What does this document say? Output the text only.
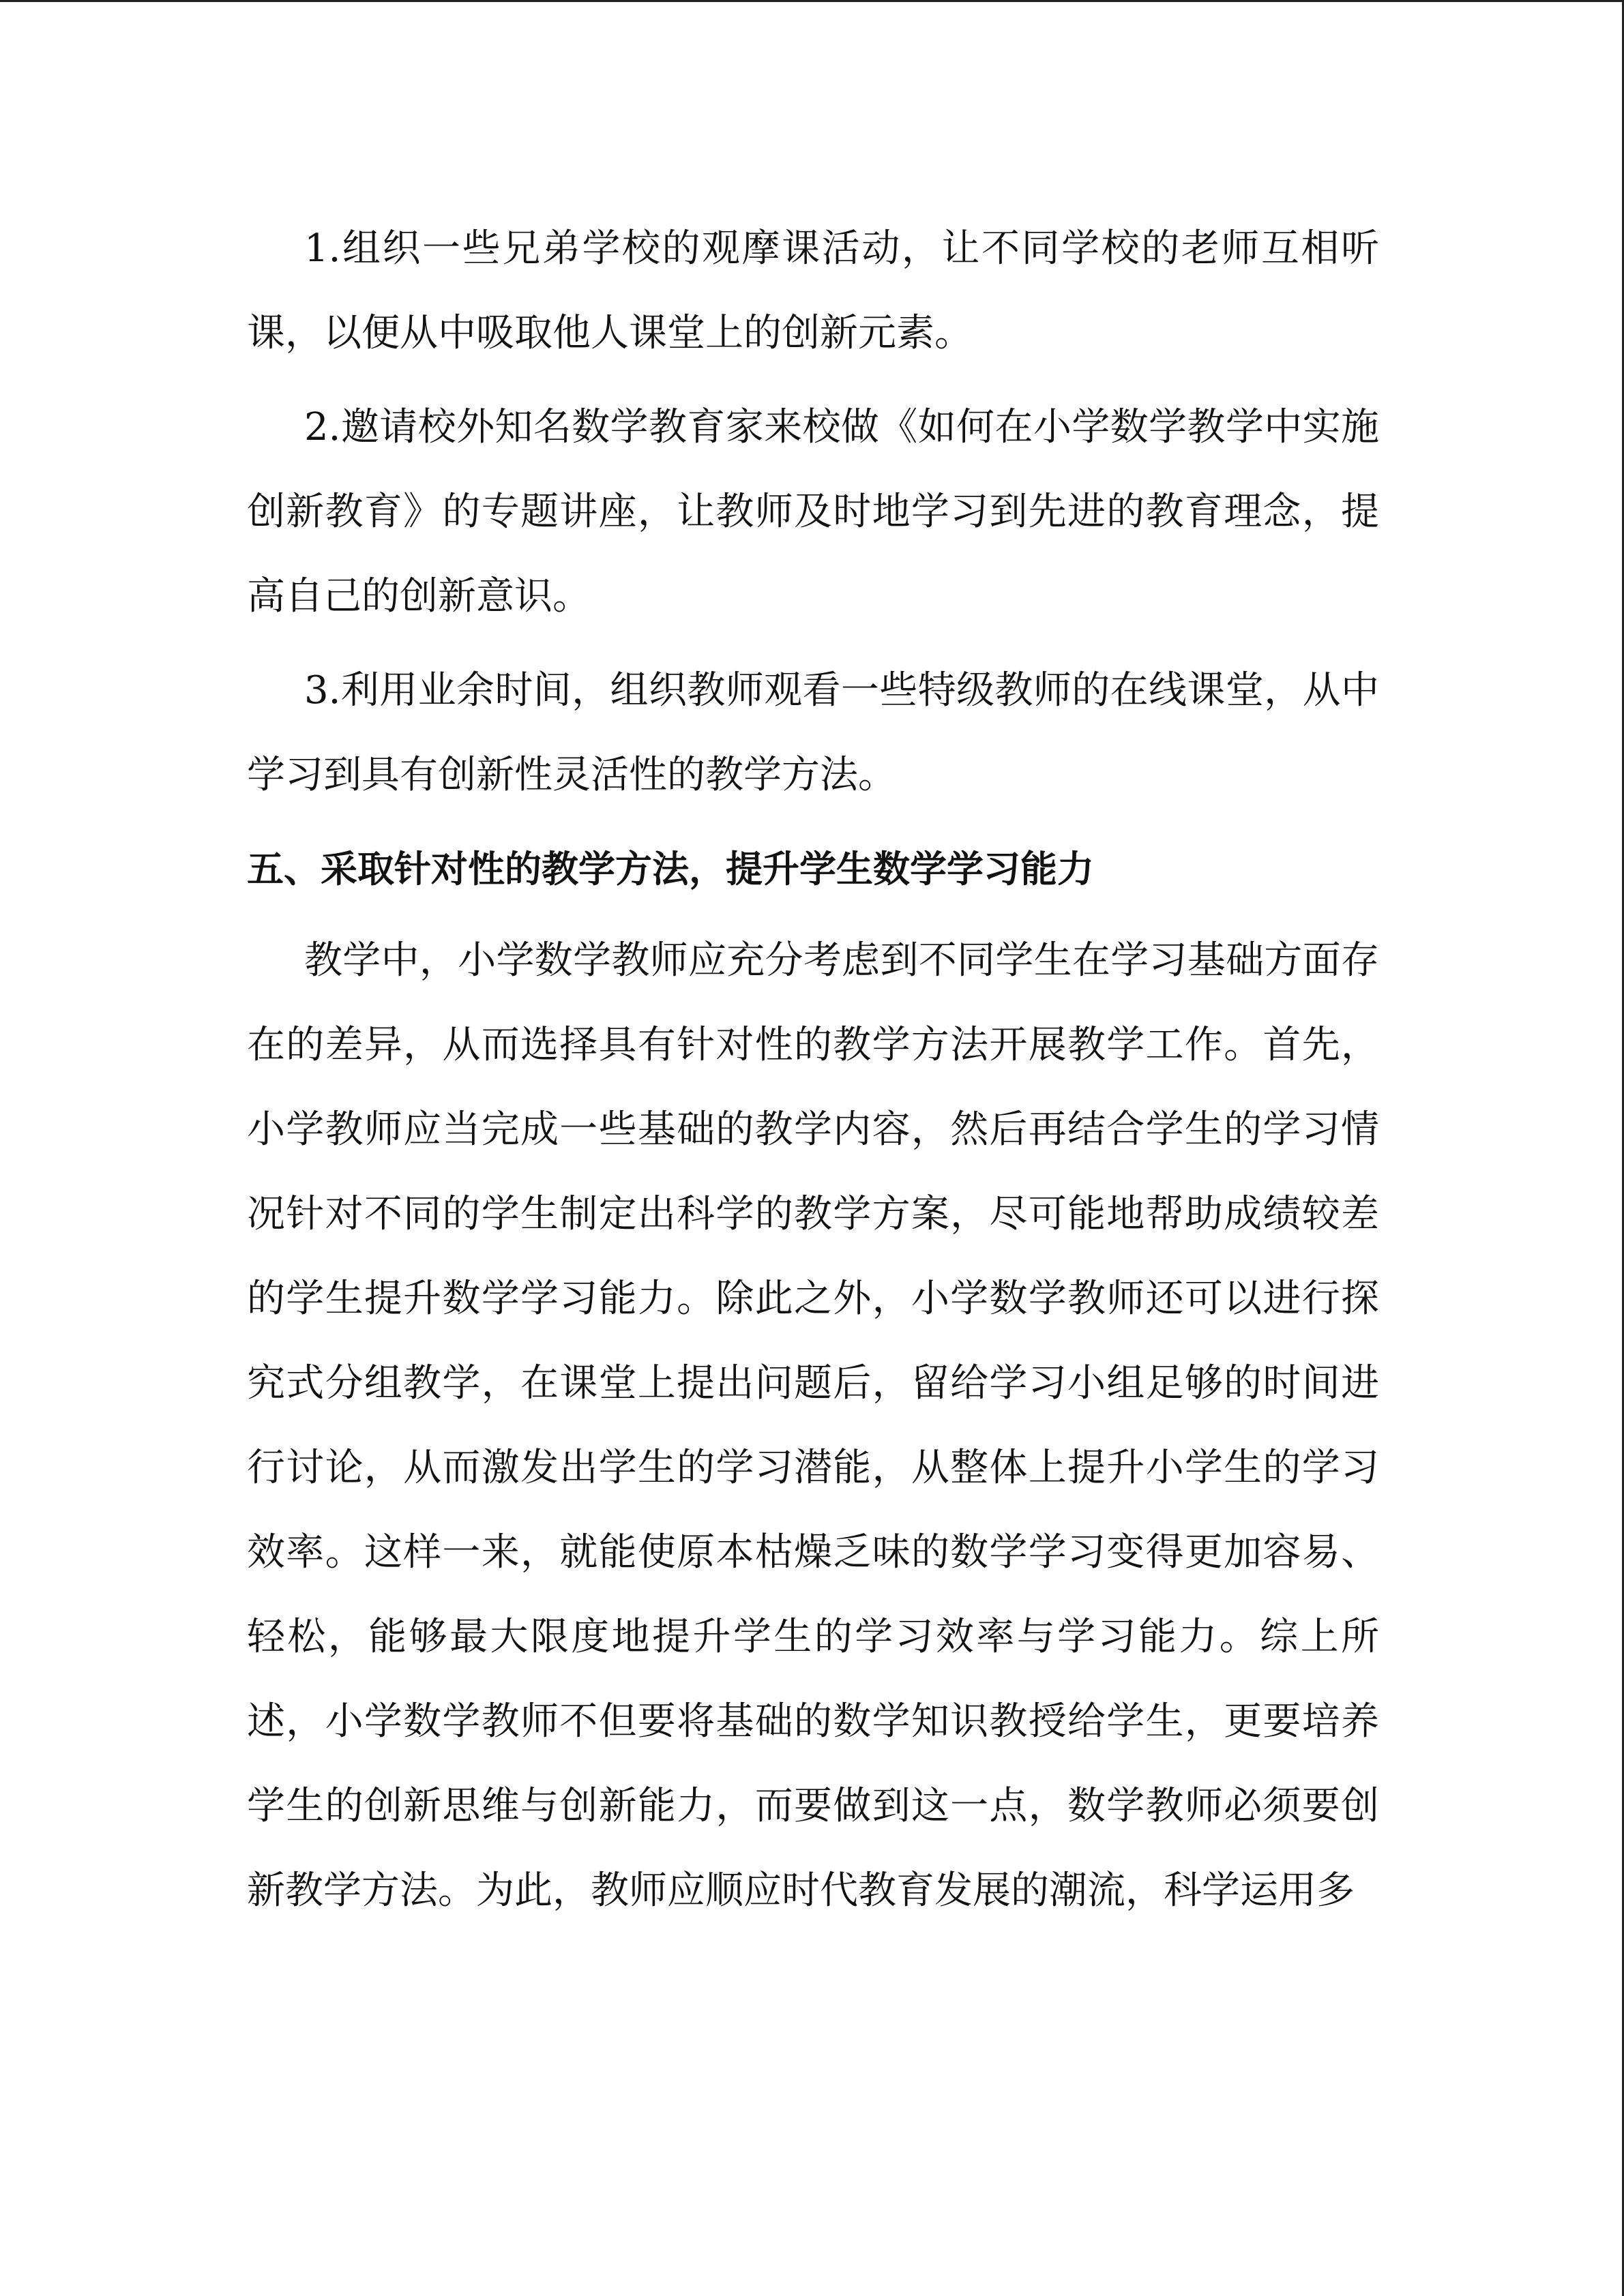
1.组织一些兄弟学校的观摩课活动，让不同学校的老师互相听课，以便从中吸取他人课堂上的创新元素。

2.邀请校外知名数学教育家来校做《如何在小学数学教学中实施创新教育》的专题讲座，让教师及时地学习到先进的教育理念，提高自己的创新意识。

3.利用业余时间，组织教师观看一些特级教师的在线课堂，从中学习到具有创新性灵活性的教学方法。

五、采取针对性的教学方法，提升学生数学学习能力

教学中，小学数学教师应充分考虑到不同学生在学习基础方面存在的差异，从而选择具有针对性的教学方法开展教学工作。首先，小学教师应当完成一些基础的教学内容，然后再结合学生的学习情况针对不同的学生制定出科学的教学方案，尽可能地帮助成绩较差的学生提升数学学习能力。除此之外，小学数学教师还可以进行探究式分组教学，在课堂上提出问题后，留给学习小组足够的时间进行讨论，从而激发出学生的学习潜能，从整体上提升小学生的学习效率。这样一来，就能使原本枯燥乏味的数学学习变得更加容易、轻松，能够最大限度地提升学生的学习效率与学习能力。综上所述，小学数学教师不但要将基础的数学知识教授给学生，更要培养学生的创新思维与创新能力，而要做到这一点，数学教师必须要创新教学方法。为此，教师应顺应时代教育发展的潮流，科学运用多
